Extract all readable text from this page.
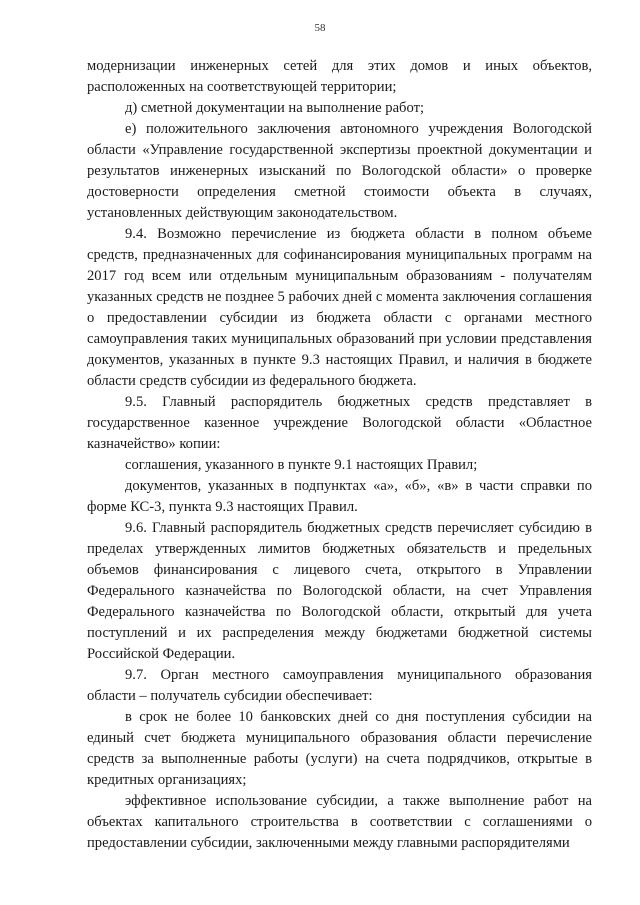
58

модернизации инженерных сетей для этих домов и иных объектов, расположенных на соответствующей территории;

д) сметной документации на выполнение работ;

е) положительного заключения автономного учреждения Вологодской области «Управление государственной экспертизы проектной документации и результатов инженерных изысканий по Вологодской области» о проверке достоверности определения сметной стоимости объекта в случаях, установленных действующим законодательством.

9.4. Возможно перечисление из бюджета области в полном объеме средств, предназначенных для софинансирования муниципальных программ на 2017 год всем или отдельным муниципальным образованиям - получателям указанных средств не позднее 5 рабочих дней с момента заключения соглашения о предоставлении субсидии из бюджета области с органами местного самоуправления таких муниципальных образований при условии представления документов, указанных в пункте 9.3 настоящих Правил, и наличия в бюджете области средств субсидии из федерального бюджета.

9.5. Главный распорядитель бюджетных средств представляет в государственное казенное учреждение Вологодской области «Областное казначейство» копии:

соглашения, указанного в пункте 9.1 настоящих Правил;

документов, указанных в подпунктах «а», «б», «в» в части справки по форме КС-3, пункта 9.3 настоящих Правил.

9.6. Главный распорядитель бюджетных средств перечисляет субсидию в пределах утвержденных лимитов бюджетных обязательств и предельных объемов финансирования с лицевого счета, открытого в Управлении Федерального казначейства по Вологодской области, на счет Управления Федерального казначейства по Вологодской области, открытый для учета поступлений и их распределения между бюджетами бюджетной системы Российской Федерации.

9.7. Орган местного самоуправления муниципального образования области – получатель субсидии обеспечивает:

в срок не более 10 банковских дней со дня поступления субсидии на единый счет бюджета муниципального образования области перечисление средств за выполненные работы (услуги) на счета подрядчиков, открытые в кредитных организациях;

эффективное использование субсидии, а также выполнение работ на объектах капитального строительства в соответствии с соглашениями о предоставлении субсидии, заключенными между главными распорядителями
